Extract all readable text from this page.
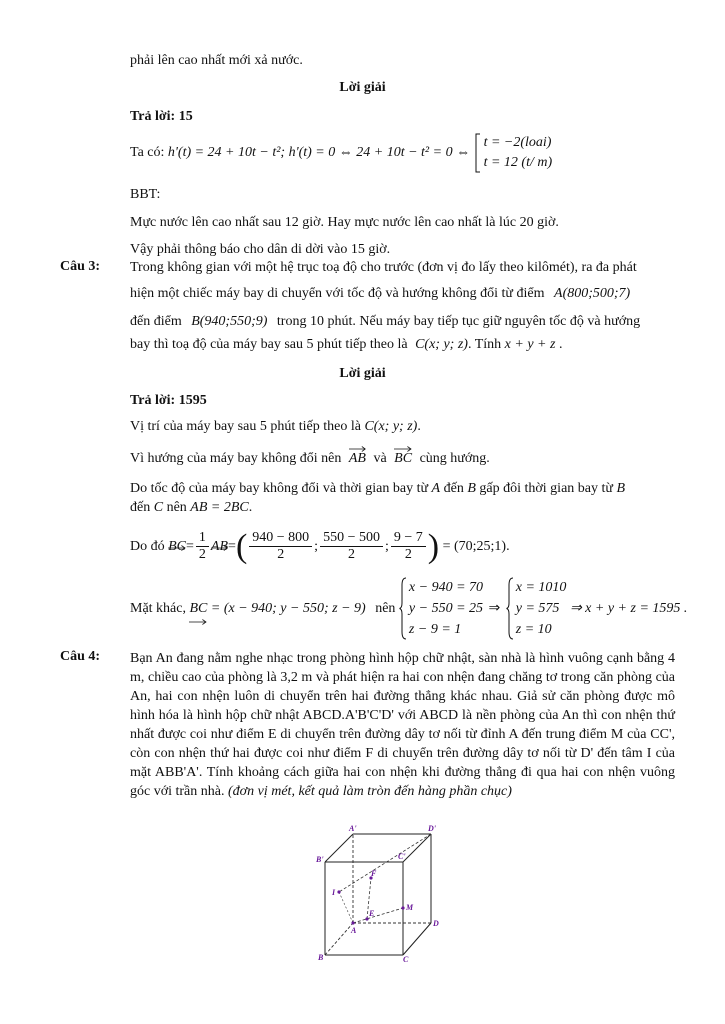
phải lên cao nhất mới xả nước.
Lời giải
Trả lời: 15
Ta có: h'(t) = 24 + 10t − t²; h'(t) = 0 ⇔ 24 + 10t − t² = 0 ⇔
t = −2(loai)
t = 12 (t/ m)
BBT:
Mực nước lên cao nhất sau 12 giờ. Hay mực nước lên cao nhất là lúc 20 giờ.
Vậy phải thông báo cho dân di dời vào 15 giờ.
Câu 3: Trong không gian với một hệ trục toạ độ cho trước (đơn vị đo lấy theo kilômét), ra đa phát
hiện một chiếc máy bay di chuyển với tốc độ và hướng không đổi từ điểm A(800;500;7)
đến điểm B(940;550;9) trong 10 phút. Nếu máy bay tiếp tục giữ nguyên tốc độ và hướng
bay thì toạ độ của máy bay sau 5 phút tiếp theo là C(x; y; z). Tính x + y + z .
Lời giải
Trả lời: 1595
Vị trí của máy bay sau 5 phút tiếp theo là C(x; y; z).
Vì hướng của máy bay không đổi nên AB và BC cùng hướng.
Do tốc độ của máy bay không đổi và thời gian bay từ A đến B gấp đôi thời gian bay từ B
đến C nên AB = 2BC.
Do đó $BC= \frac{1}{2} AB=( \frac{940 - 800}{2}$ ; $\frac{550 - 500}{2}$ ; $\frac{9 - 7}{2}$ ) = (70;25;1).
Mặt khác, BC = (x − 940; y − 550; z − 9) nên
x − 940 = 70
y − 550 = 25
z − 9 = 1
⇒
x = 1010
y = 575
z = 10
⇒ x + y + z = 1595 .
Câu 4: Bạn An đang nằm nghe nhạc trong phòng hình hộp chữ nhật, sàn nhà là hình vuông cạnh bằng 4 m, chiều cao của phòng là 3,2 m và phát hiện ra hai con nhện đang chăng tơ trong căn phòng của An, hai con nhện luôn di chuyển trên hai đường thẳng khác nhau. Giả sử căn phòng được mô hình hóa là hình hộp chữ nhật ABCD.A'B'C'D' với ABCD là nền phòng của An thì con nhện thứ nhất được coi như điểm E di chuyển trên đường dây tơ nối từ đỉnh A đến trung điểm M của CC', còn con nhện thứ hai được coi như điểm F di chuyển trên đường dây tơ nối từ D' đến tâm I của mặt ABB'A'. Tính khoảng cách giữa hai con nhện khi đường thẳng đi qua hai con nhện vuông góc với trần nhà. (đơn vị mét, kết quả làm tròn đến hàng phần chục)
A'	D'
B'	C'
F
I
E
M
A
D
B	C
